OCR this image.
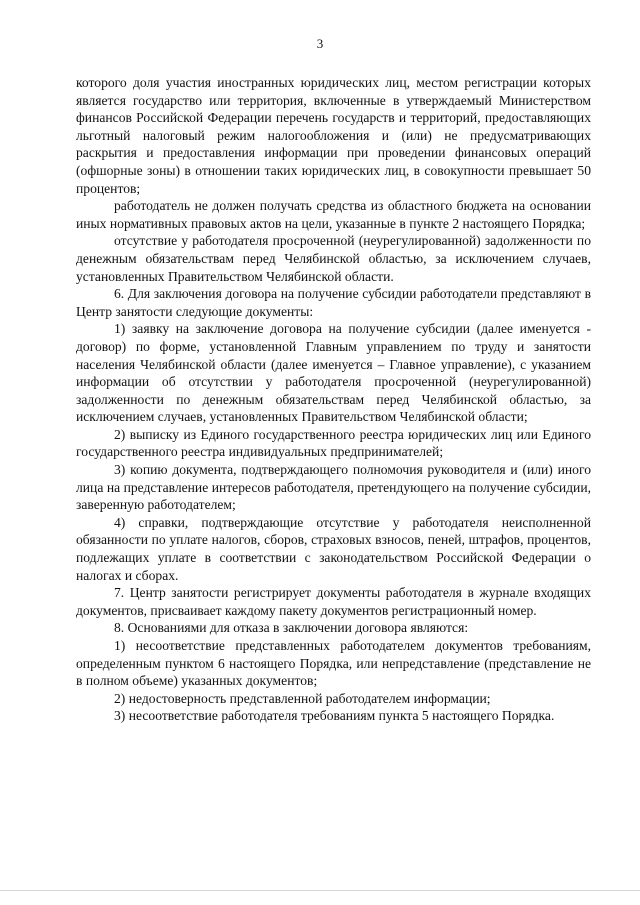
3

которого доля участия иностранных юридических лиц, местом регистрации которых является государство или территория, включенные в утверждаемый Министерством финансов Российской Федерации перечень государств и территорий, предоставляющих льготный налоговый режим налогообложения и (или) не предусматривающих раскрытия и предоставления информации при проведении финансовых операций (офшорные зоны) в отношении таких юридических лиц, в совокупности превышает 50 процентов;

работодатель не должен получать средства из областного бюджета на основании иных нормативных правовых актов на цели, указанные в пункте 2 настоящего Порядка;

отсутствие у работодателя просроченной (неурегулированной) задолженности по денежным обязательствам перед Челябинской областью, за исключением случаев, установленных Правительством Челябинской области.

6. Для заключения договора на получение субсидии работодатели представляют в Центр занятости следующие документы:

1) заявку на заключение договора на получение субсидии (далее именуется - договор) по форме, установленной Главным управлением по труду и занятости населения Челябинской области (далее именуется – Главное управление), с указанием информации об отсутствии у работодателя просроченной (неурегулированной) задолженности по денежным обязательствам перед Челябинской областью, за исключением случаев, установленных Правительством Челябинской области;

2) выписку из Единого государственного реестра юридических лиц или Единого государственного реестра индивидуальных предпринимателей;

3) копию документа, подтверждающего полномочия руководителя и (или) иного лица на представление интересов работодателя, претендующего на получение субсидии, заверенную работодателем;

4) справки, подтверждающие отсутствие у работодателя неисполненной обязанности по уплате налогов, сборов, страховых взносов, пеней, штрафов, процентов, подлежащих уплате в соответствии с законодательством Российской Федерации о налогах и сборах.

7. Центр занятости регистрирует документы работодателя в журнале входящих документов, присваивает каждому пакету документов регистрационный номер.

8. Основаниями для отказа в заключении договора являются:

1) несоответствие представленных работодателем документов требованиям, определенным пунктом 6 настоящего Порядка, или непредставление (представление не в полном объеме) указанных документов;

2) недостоверность представленной работодателем информации;

3) несоответствие работодателя требованиям пункта 5 настоящего Порядка.
